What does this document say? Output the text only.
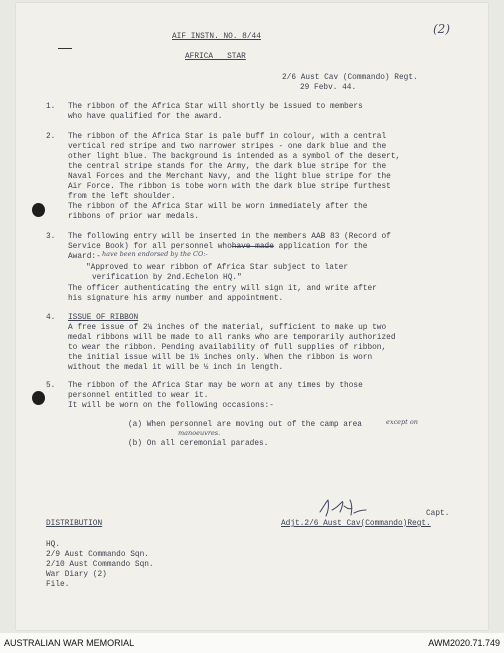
AIF INSTN. NO. 8/44
(2)
AFRICA   STAR
2/6 Aust Cav (Commando) Regt.
29 Febv. 44.
1. The ribbon of the Africa Star will shortly be issued to members
who have qualified for the award.
2. The ribbon of the Africa Star is pale buff in colour, with a central
vertical red stripe and two narrower stripes - one dark blue and the
other light blue. The background is intended as a symbol of the desert,
the central stripe stands for the Army, the dark blue stripe for the
Naval Forces and the Merchant Navy, and the light blue stripe for the
Air Force. The ribbon is tobe worn with the dark blue stripe furthest
from the left shoulder.
The ribbon of the Africa Star will be worn immediately after the
ribbons of prior war medals.
3. The following entry will be inserted in the members AAB 83 (Record of
Service Book) for all personnel whohave made application for the
Award:- have been endorsed by the CO:-
"Approved to wear ribbon of Africa Star subject to later
verification by 2nd.Echelon HQ."
The officer authenticating the entry will sign it, and write after
his signature his army number and appointment.
4. ISSUE OF RIBBON
A free issue of 2¼ inches of the material, sufficient to make up two
medal ribbons will be made to all ranks who are temporarily authorized
to wear the ribbon. Pending availability of full supplies of ribbon,
the initial issue will be 1½ inches only. When the ribbon is worn
without the medal it will be ½ inch in length.
5. The ribbon of the Africa Star may be worn at any times by those
personnel entitled to wear it.
It will be worn on the following occasions:-
(a) When personnel are moving out of the camp area	except on
manoeuvres.
(b) On all ceremonial parades.
Capt.
Adjt.2/6 Aust Cav(Commando)Regt.
DISTRIBUTION
HQ.
2/9 Aust Commando Sqn.
2/10 Aust Commando Sqn.
War Diary (2)
File.
AUSTRALIAN WAR MEMORIAL	AWM2020.71.749
